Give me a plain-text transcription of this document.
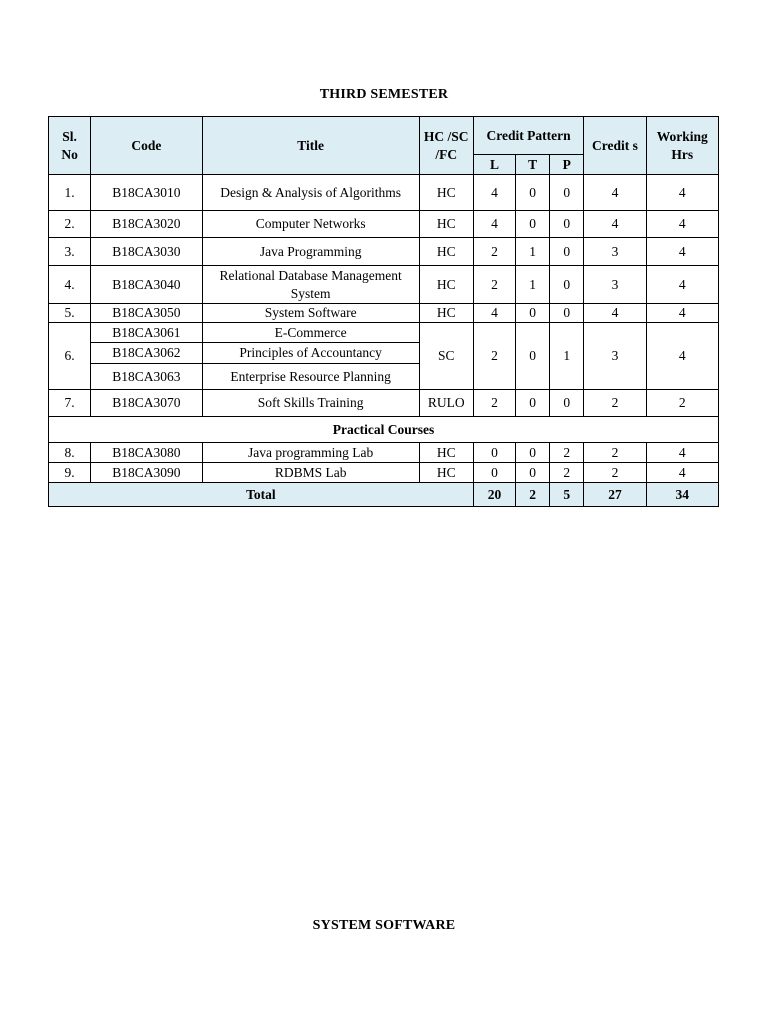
THIRD SEMESTER
Sl. No	Code	Title	HC /SC /FC	Credit Pattern			Credit s	Working Hrs
				L	T	P		
1.	B18CA3010	Design & Analysis of Algorithms	HC	4	0	0	4	4
2.	B18CA3020	Computer Networks	HC	4	0	0	4	4
3.	B18CA3030	Java Programming	HC	2	1	0	3	4
4.	B18CA3040	Relational Database Management System	HC	2	1	0	3	4
5.	B18CA3050	System Software	HC	4	0	0	4	4
6.	B18CA3061	E-Commerce	SC	2	0	1	3	4
	B18CA3062	Principles of Accountancy						
	B18CA3063	Enterprise Resource Planning						
7.	B18CA3070	Soft Skills Training	RULO	2	0	0	2	2
Practical Courses								
8.	B18CA3080	Java programming Lab	HC	0	0	2	2	4
9.	B18CA3090	RDBMS Lab	HC	0	0	2	2	4
Total				20	2	5	27	34
SYSTEM SOFTWARE
